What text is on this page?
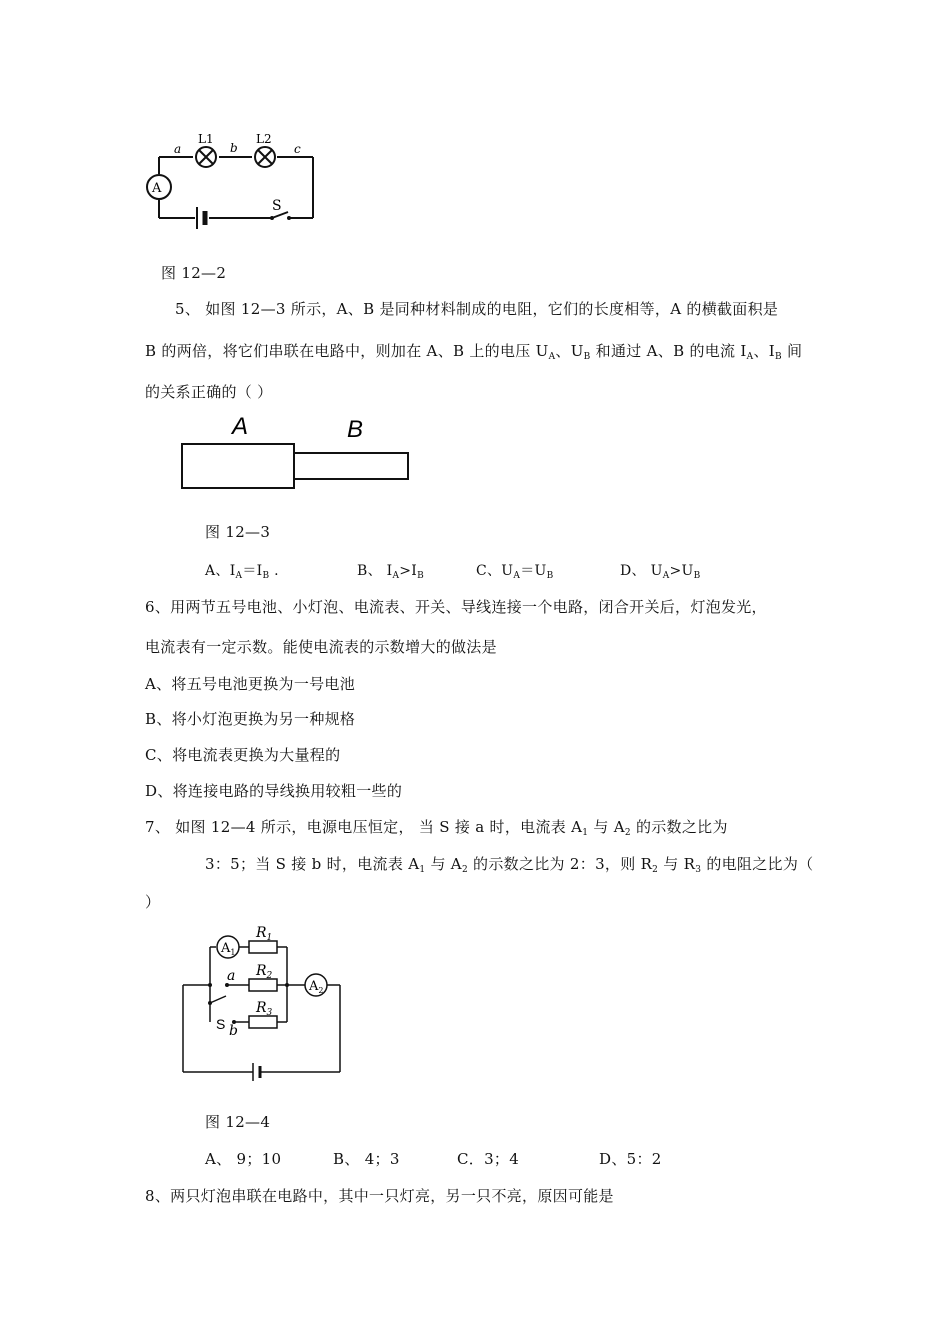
A
a
L1
b
L2
c
S
图 12—2
5、 如图 12—3 所示，A、B 是同种材料制成的电阻，它们的长度相等，A 的横截面积是
B 的两倍，将它们串联在电路中，则加在 A、B 上的电压 $U_A$、$U_B$ 和通过 A、B 的电流 $I_A$、$I_B$ 间
的关系正确的（ ）
A	B
图 12—3
A、$I_A=I_B$ .	B、 $I_A>I_B$	C、$U_A=U_B$	D、 $U_A>U_B$
6、用两节五号电池、小灯泡、电流表、开关、导线连接一个电路，闭合开关后，灯泡发光，
电流表有一定示数。能使电流表的示数增大的做法是
A、将五号电池更换为一号电池
B、将小灯泡更换为另一种规格
C、将电流表更换为大量程的
D、将连接电路的导线换用较粗一些的
7、 如图 12—4 所示，电源电压恒定， 当 S 接 a 时，电流表 $A_1$ 与 $A_2$ 的示数之比为
3：5；当 S 接 b 时，电流表 $A_1$ 与 $A_2$ 的示数之比为 2：3，则 $R_2$ 与 $R_3$ 的电阻之比为（
）
$A_1$
$A_2$
$R_1$
$R_2$
$R_3$
a
b
S
图 12—4
A、 9；10	B、 4；3	C．3；4	D、5：2
8、两只灯泡串联在电路中，其中一只灯亮，另一只不亮，原因可能是
